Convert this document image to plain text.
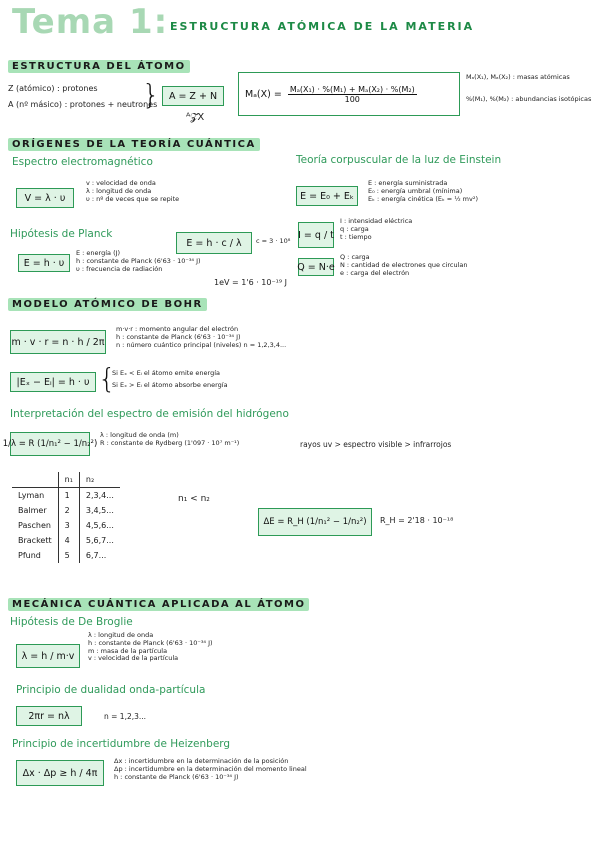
Tema 1: ESTRUCTURA ATÓMICA DE LA MATERIA
ESTRUCTURA DEL ÁTOMO
Z (atómico) : protones
A (nº másico) : protones + neutrones
} A = Z + N
ᴬ𝓩X
$M_a(X) = \frac{\text{Mₐ(X₁) · \%(M₁) + Mₐ(X₂) · \%(M₂)}}{100}$
Mₐ(X₁), Mₐ(X₂) : masas atómicas
%(M₁), %(M₂) : abundancias isotópicas
ORÍGENES DE LA TEORÍA CUÁNTICA
Espectro electromagnético
V = λ · υ
v : velocidad de onda
λ : longitud de onda
υ : nº de veces que se repite
Teoría corpuscular de la luz de Einstein
E = E₀ + Eₖ
E : energía suministrada
E₀ : energía umbral (mínima)
Eₖ : energía cinética (Eₖ = ½ mv²)
I = q / t
I : intensidad eléctrica
q : carga
t : tiempo
Q = N·e
Q : carga
N : cantidad de electrones que circulan
e : carga del electrón
Hipótesis de Planck
E = h · c / λ	c = 3 · 10⁸
E = h · υ
E : energía (J)
h : constante de Planck (6'63 · 10⁻³⁴ J)
υ : frecuencia de radiación
1eV = 1'6 · 10⁻¹⁹ J
MODELO ATÓMICO DE BOHR
m · v · r = n · h / 2π
m·v·r : momento angular del electrón
h : constante de Planck (6'63 · 10⁻³⁴ J)
n : número cuántico principal (niveles) n = 1,2,3,4...
|Eₓ − Eᵢ| = h · υ {
Si Eₓ < Eᵢ el átomo emite energía
Si Eₓ > Eᵢ el átomo absorbe energía
Interpretación del espectro de emisión del hidrógeno
1/λ = R (1/n₁² − 1/n₂²)
λ : longitud de onda (m)
R : constante de Rydberg (1'097 · 10⁷ m⁻¹)	rayos uv > espectro visible > infrarrojos
	n₁	n₂
Lyman	1	2,3,4...
Balmer	2	3,4,5...
Paschen	3	4,5,6...
Brackett	4	5,6,7...
Pfund	5	6,7...
n₁ < n₂
ΔE = R_H (1/n₁² − 1/n₂²)	R_H = 2'18 · 10⁻¹⁸
MECÁNICA CUÁNTICA APLICADA AL ÁTOMO
Hipótesis de De Broglie
λ = h / m·v
λ : longitud de onda
h : constante de Planck (6'63 · 10⁻³⁴ J)
m : masa de la partícula
v : velocidad de la partícula
Principio de dualidad onda-partícula
2πr = nλ	n = 1,2,3...
Principio de incertidumbre de Heizenberg
Δx · Δp ≥ h / 4π
Δx : incertidumbre en la determinación de la posición
Δp : incertidumbre en la determinación del momento lineal
h : constante de Planck (6'63 · 10⁻³⁴ J)
